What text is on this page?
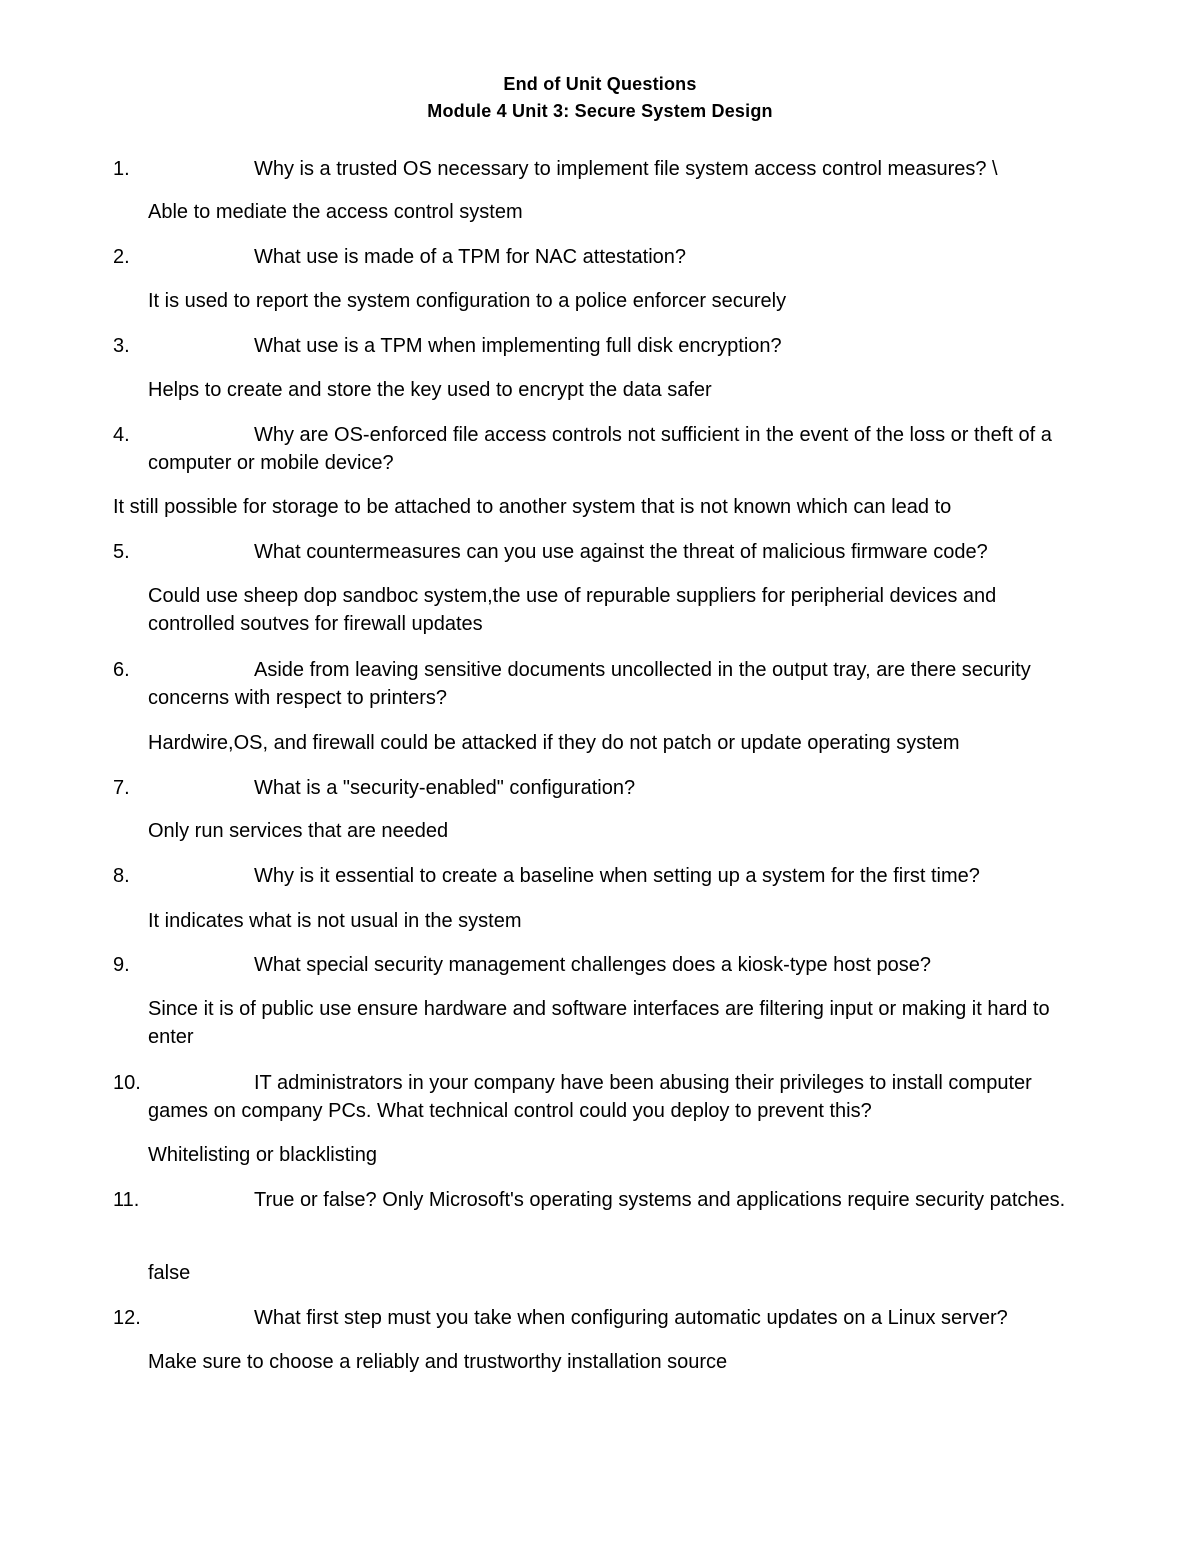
End of Unit Questions
Module 4 Unit 3: Secure System Design
1.	Why is a trusted OS necessary to implement file system access control measures? \
Able to mediate the access control system
2.	What use is made of a TPM for NAC attestation?
It is used to report the system configuration to a police enforcer securely
3.	What use is a TPM when implementing full disk encryption?
Helps to create and store the key used to encrypt the data safer
4.	Why are OS-enforced file access controls not sufficient in the event of the loss or theft of a computer or mobile device?
It still possible for storage to be attached to another system that is not known which can lead to
5.	What countermeasures can you use against the threat of malicious firmware code?
Could use sheep dop sandboc system,the use of repurable suppliers for peripherial devices and controlled soutves for firewall updates
6.	Aside from leaving sensitive documents uncollected in the output tray, are there security concerns with respect to printers?
Hardwire,OS, and firewall could be attacked if they do not patch or update operating system
7.	What is a "security-enabled" configuration?
Only run services that are needed
8.	Why is it essential to create a baseline when setting up a system for the first time?
It indicates what is not usual in the system
9.	What special security management challenges does a kiosk-type host pose?
Since it is of public use ensure hardware and software interfaces are filtering input or making it hard to enter
10.	IT administrators in your company have been abusing their privileges to install computer games on company PCs. What technical control could you deploy to prevent this?
Whitelisting or blacklisting
11.	True or false? Only Microsoft's operating systems and applications require security patches.
false
12.	What first step must you take when configuring automatic updates on a Linux server?
Make sure to choose a reliably and trustworthy installation source
